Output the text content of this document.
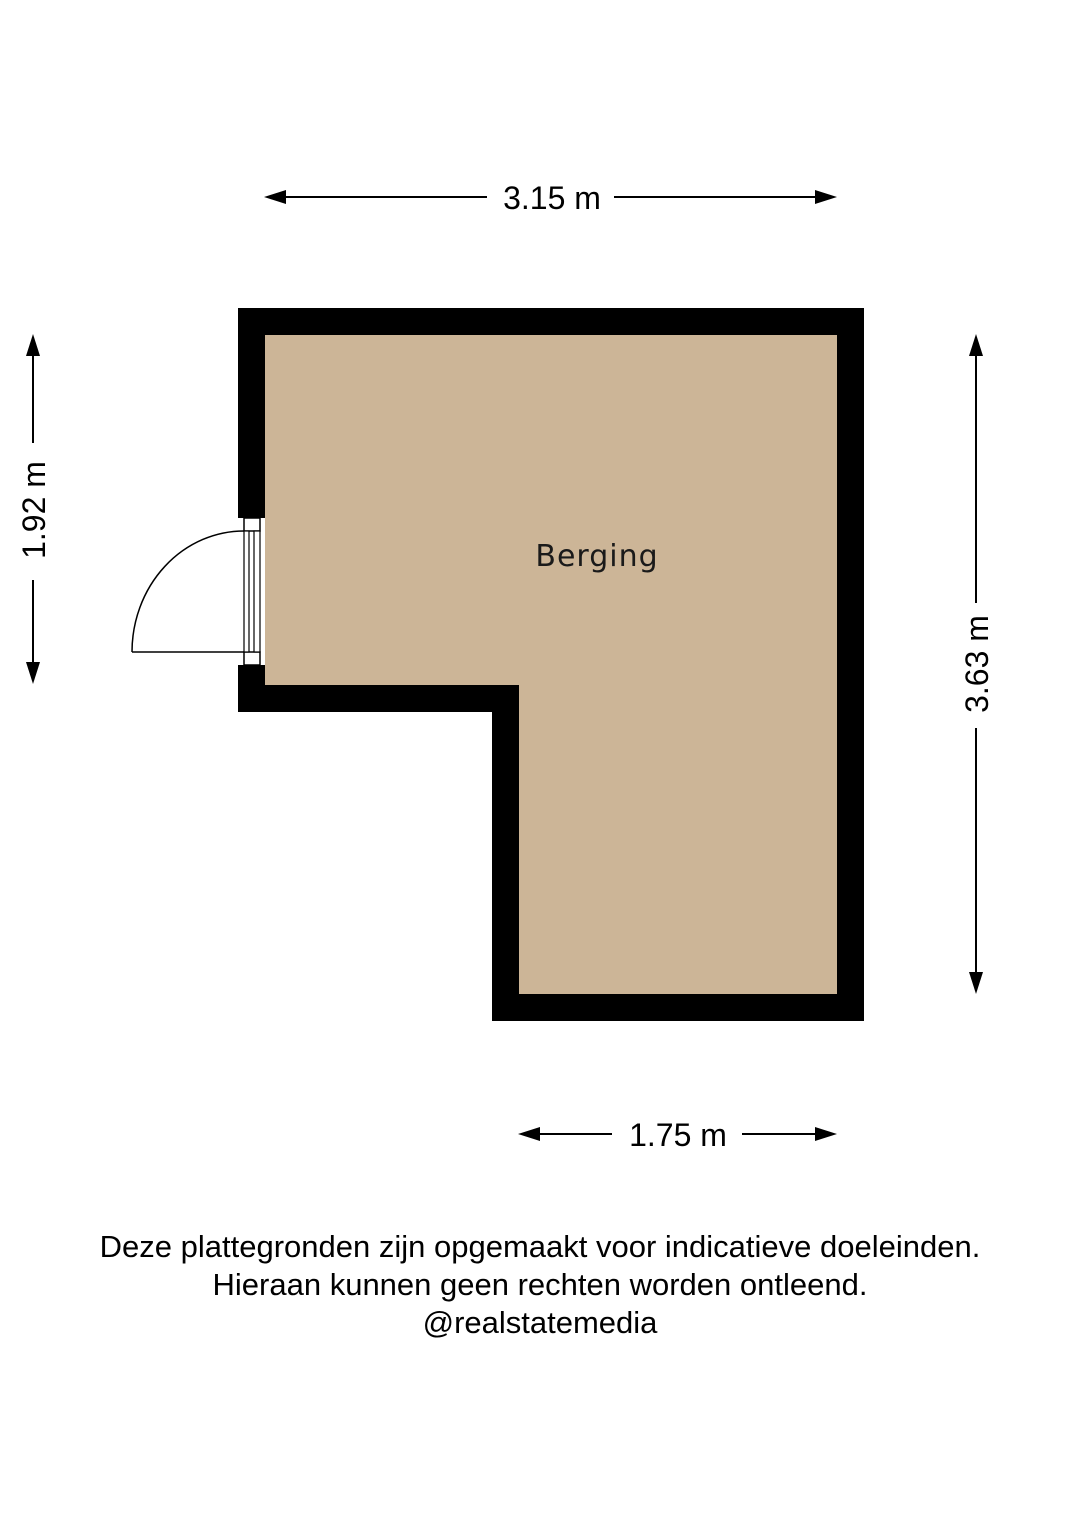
Berging
3.15 m
1.75 m
1.92 m
3.63 m
Deze plattegronden zijn opgemaakt voor indicatieve doeleinden.
Hieraan kunnen geen rechten worden ontleend.
@realstatemedia
